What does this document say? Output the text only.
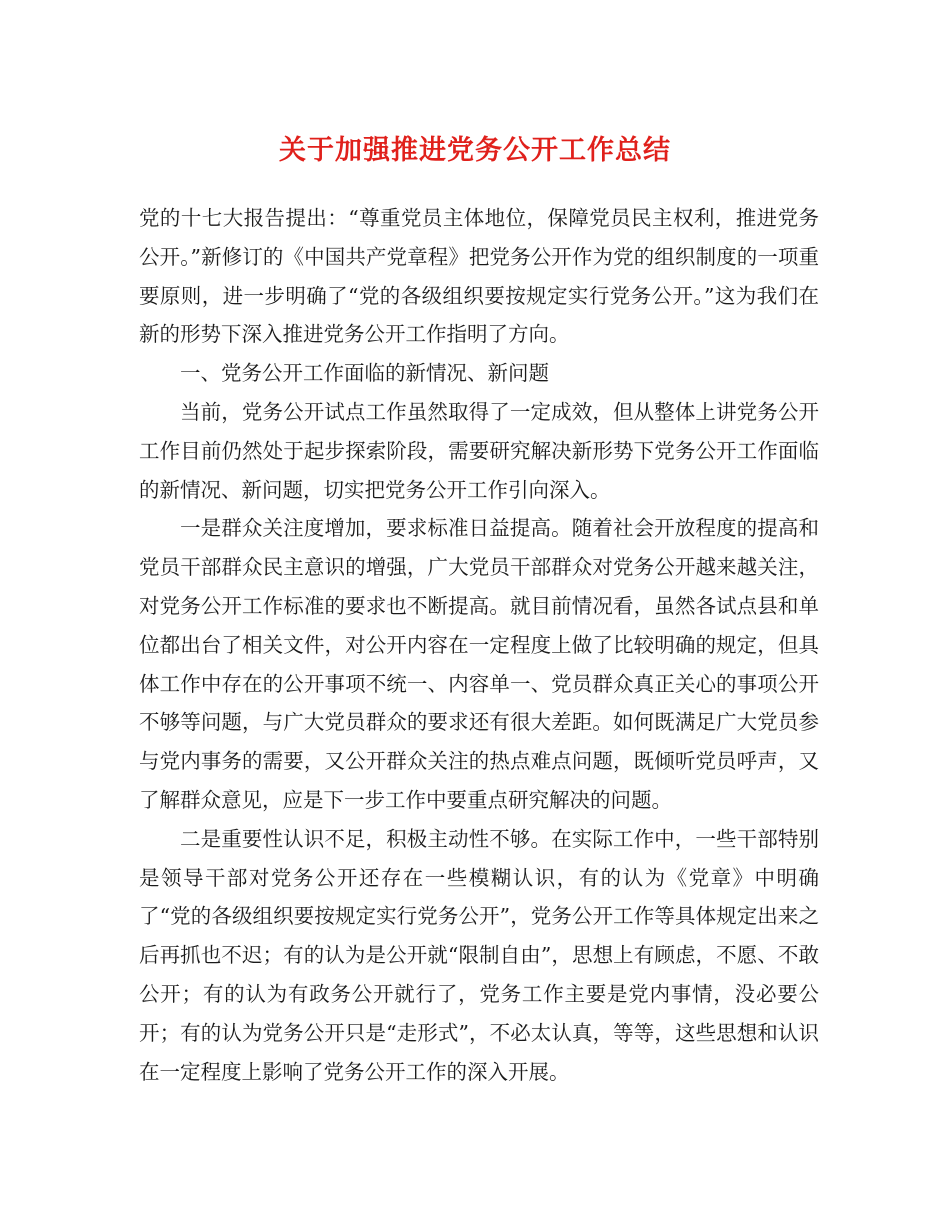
关于加强推进党务公开工作总结

党的十七大报告提出：“尊重党员主体地位，保障党员民主权利，推进党务公开。”新修订的《中国共产党章程》把党务公开作为党的组织制度的一项重要原则，进一步明确了“党的各级组织要按规定实行党务公开。”这为我们在新的形势下深入推进党务公开工作指明了方向。

一、党务公开工作面临的新情况、新问题

当前，党务公开试点工作虽然取得了一定成效，但从整体上讲党务公开工作目前仍然处于起步探索阶段，需要研究解决新形势下党务公开工作面临的新情况、新问题，切实把党务公开工作引向深入。

一是群众关注度增加，要求标准日益提高。随着社会开放程度的提高和党员干部群众民主意识的增强，广大党员干部群众对党务公开越来越关注，对党务公开工作标准的要求也不断提高。就目前情况看，虽然各试点县和单位都出台了相关文件，对公开内容在一定程度上做了比较明确的规定，但具体工作中存在的公开事项不统一、内容单一、党员群众真正关心的事项公开不够等问题，与广大党员群众的要求还有很大差距。如何既满足广大党员参与党内事务的需要，又公开群众关注的热点难点问题，既倾听党员呼声，又了解群众意见，应是下一步工作中要重点研究解决的问题。

二是重要性认识不足，积极主动性不够。在实际工作中，一些干部特别是领导干部对党务公开还存在一些模糊认识，有的认为《党章》中明确了“党的各级组织要按规定实行党务公开”，党务公开工作等具体规定出来之后再抓也不迟；有的认为是公开就“限制自由”，思想上有顾虑，不愿、不敢公开；有的认为有政务公开就行了，党务工作主要是党内事情，没必要公开；有的认为党务公开只是“走形式”，不必太认真，等等，这些思想和认识在一定程度上影响了党务公开工作的深入开展。
